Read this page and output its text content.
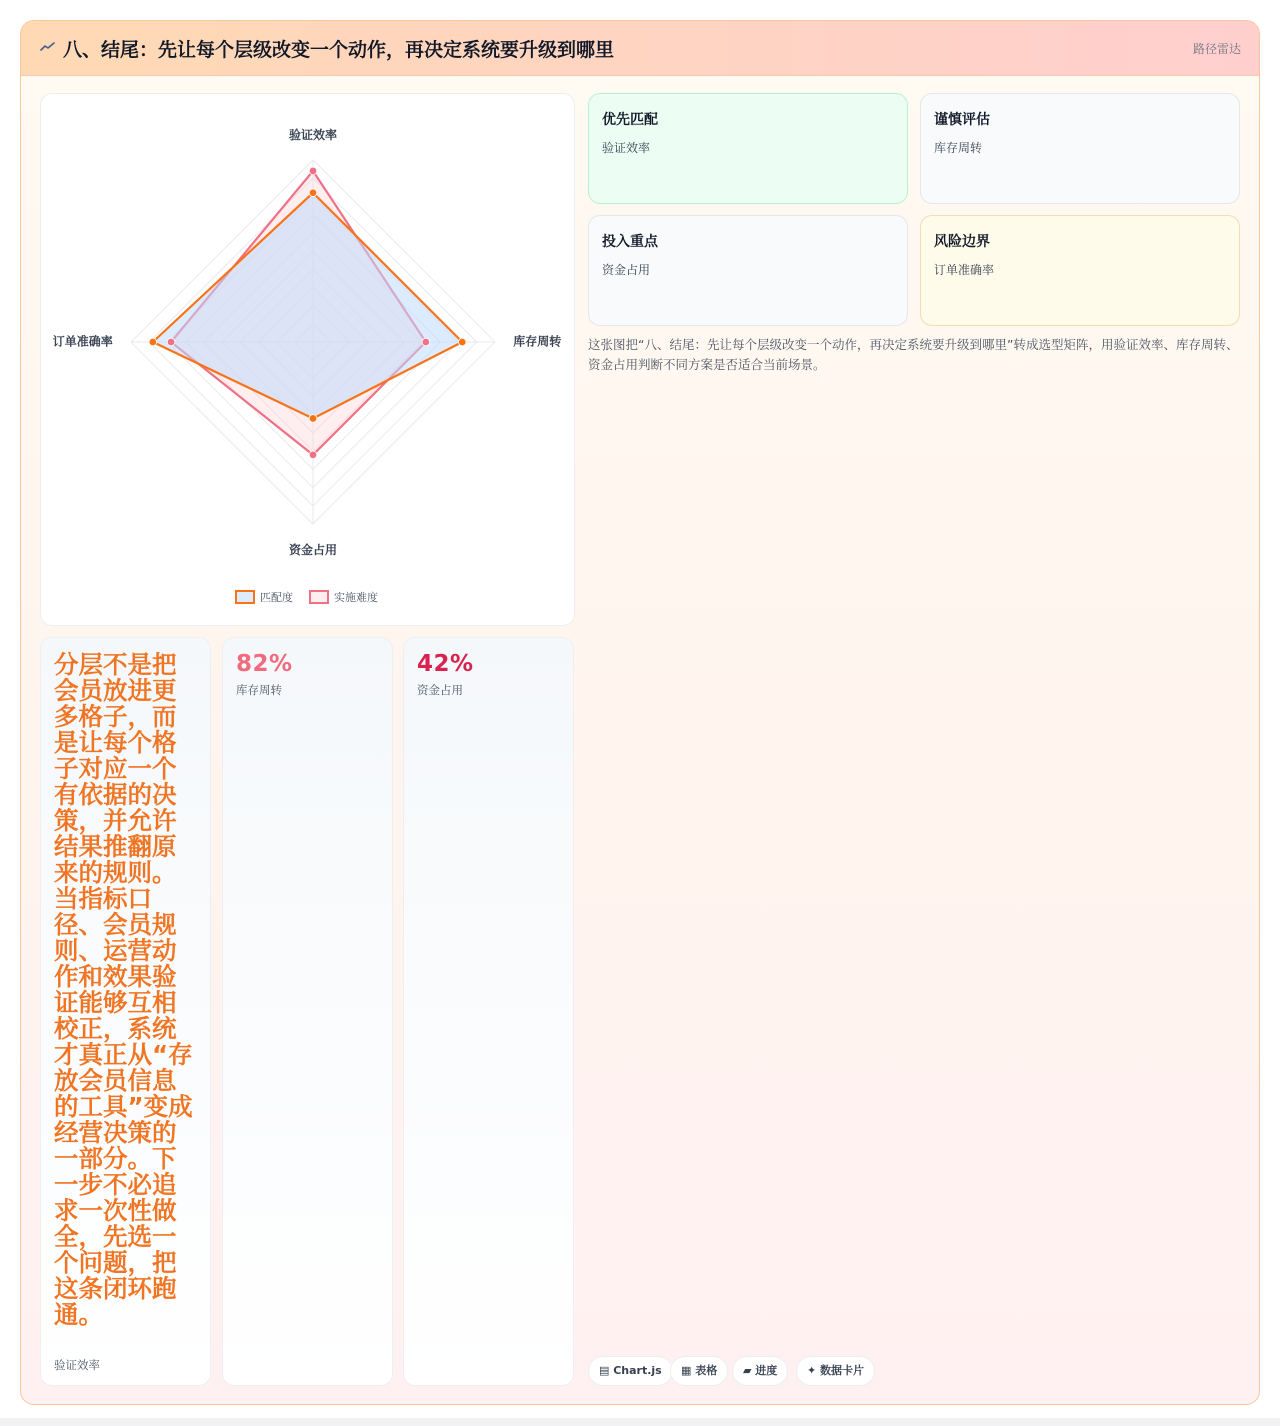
八、结尾：先让每个层级改变一个动作，再决定系统要升级到哪里	路径雷达
验证效率
库存周转
资金占用
订单准确率
匹配度	实施难度
优先匹配
验证效率
谨慎评估
库存周转
投入重点
资金占用
风险边界
订单准确率
这张图把“八、结尾：先让每个层级改变一个动作，再决定系统要升级到哪里”转成选型矩阵，用验证效率、库存周转、资金占用判断不同方案是否适合当前场景。
分层不是把会员放进更多格子，而是让每个格子对应一个有依据的决策，并允许结果推翻原来的规则。当指标口径、会员规则、运营动作和效果验证能够互相校正，系统才真正从“存放会员信息的工具”变成经营决策的一部分。下一步不必追求一次性做全，先选一个问题，把这条闭环跑通。
验证效率
82%
库存周转
42%
资金占用
▤ Chart.js	▦ 表格	▰ 进度	✦ 数据卡片
